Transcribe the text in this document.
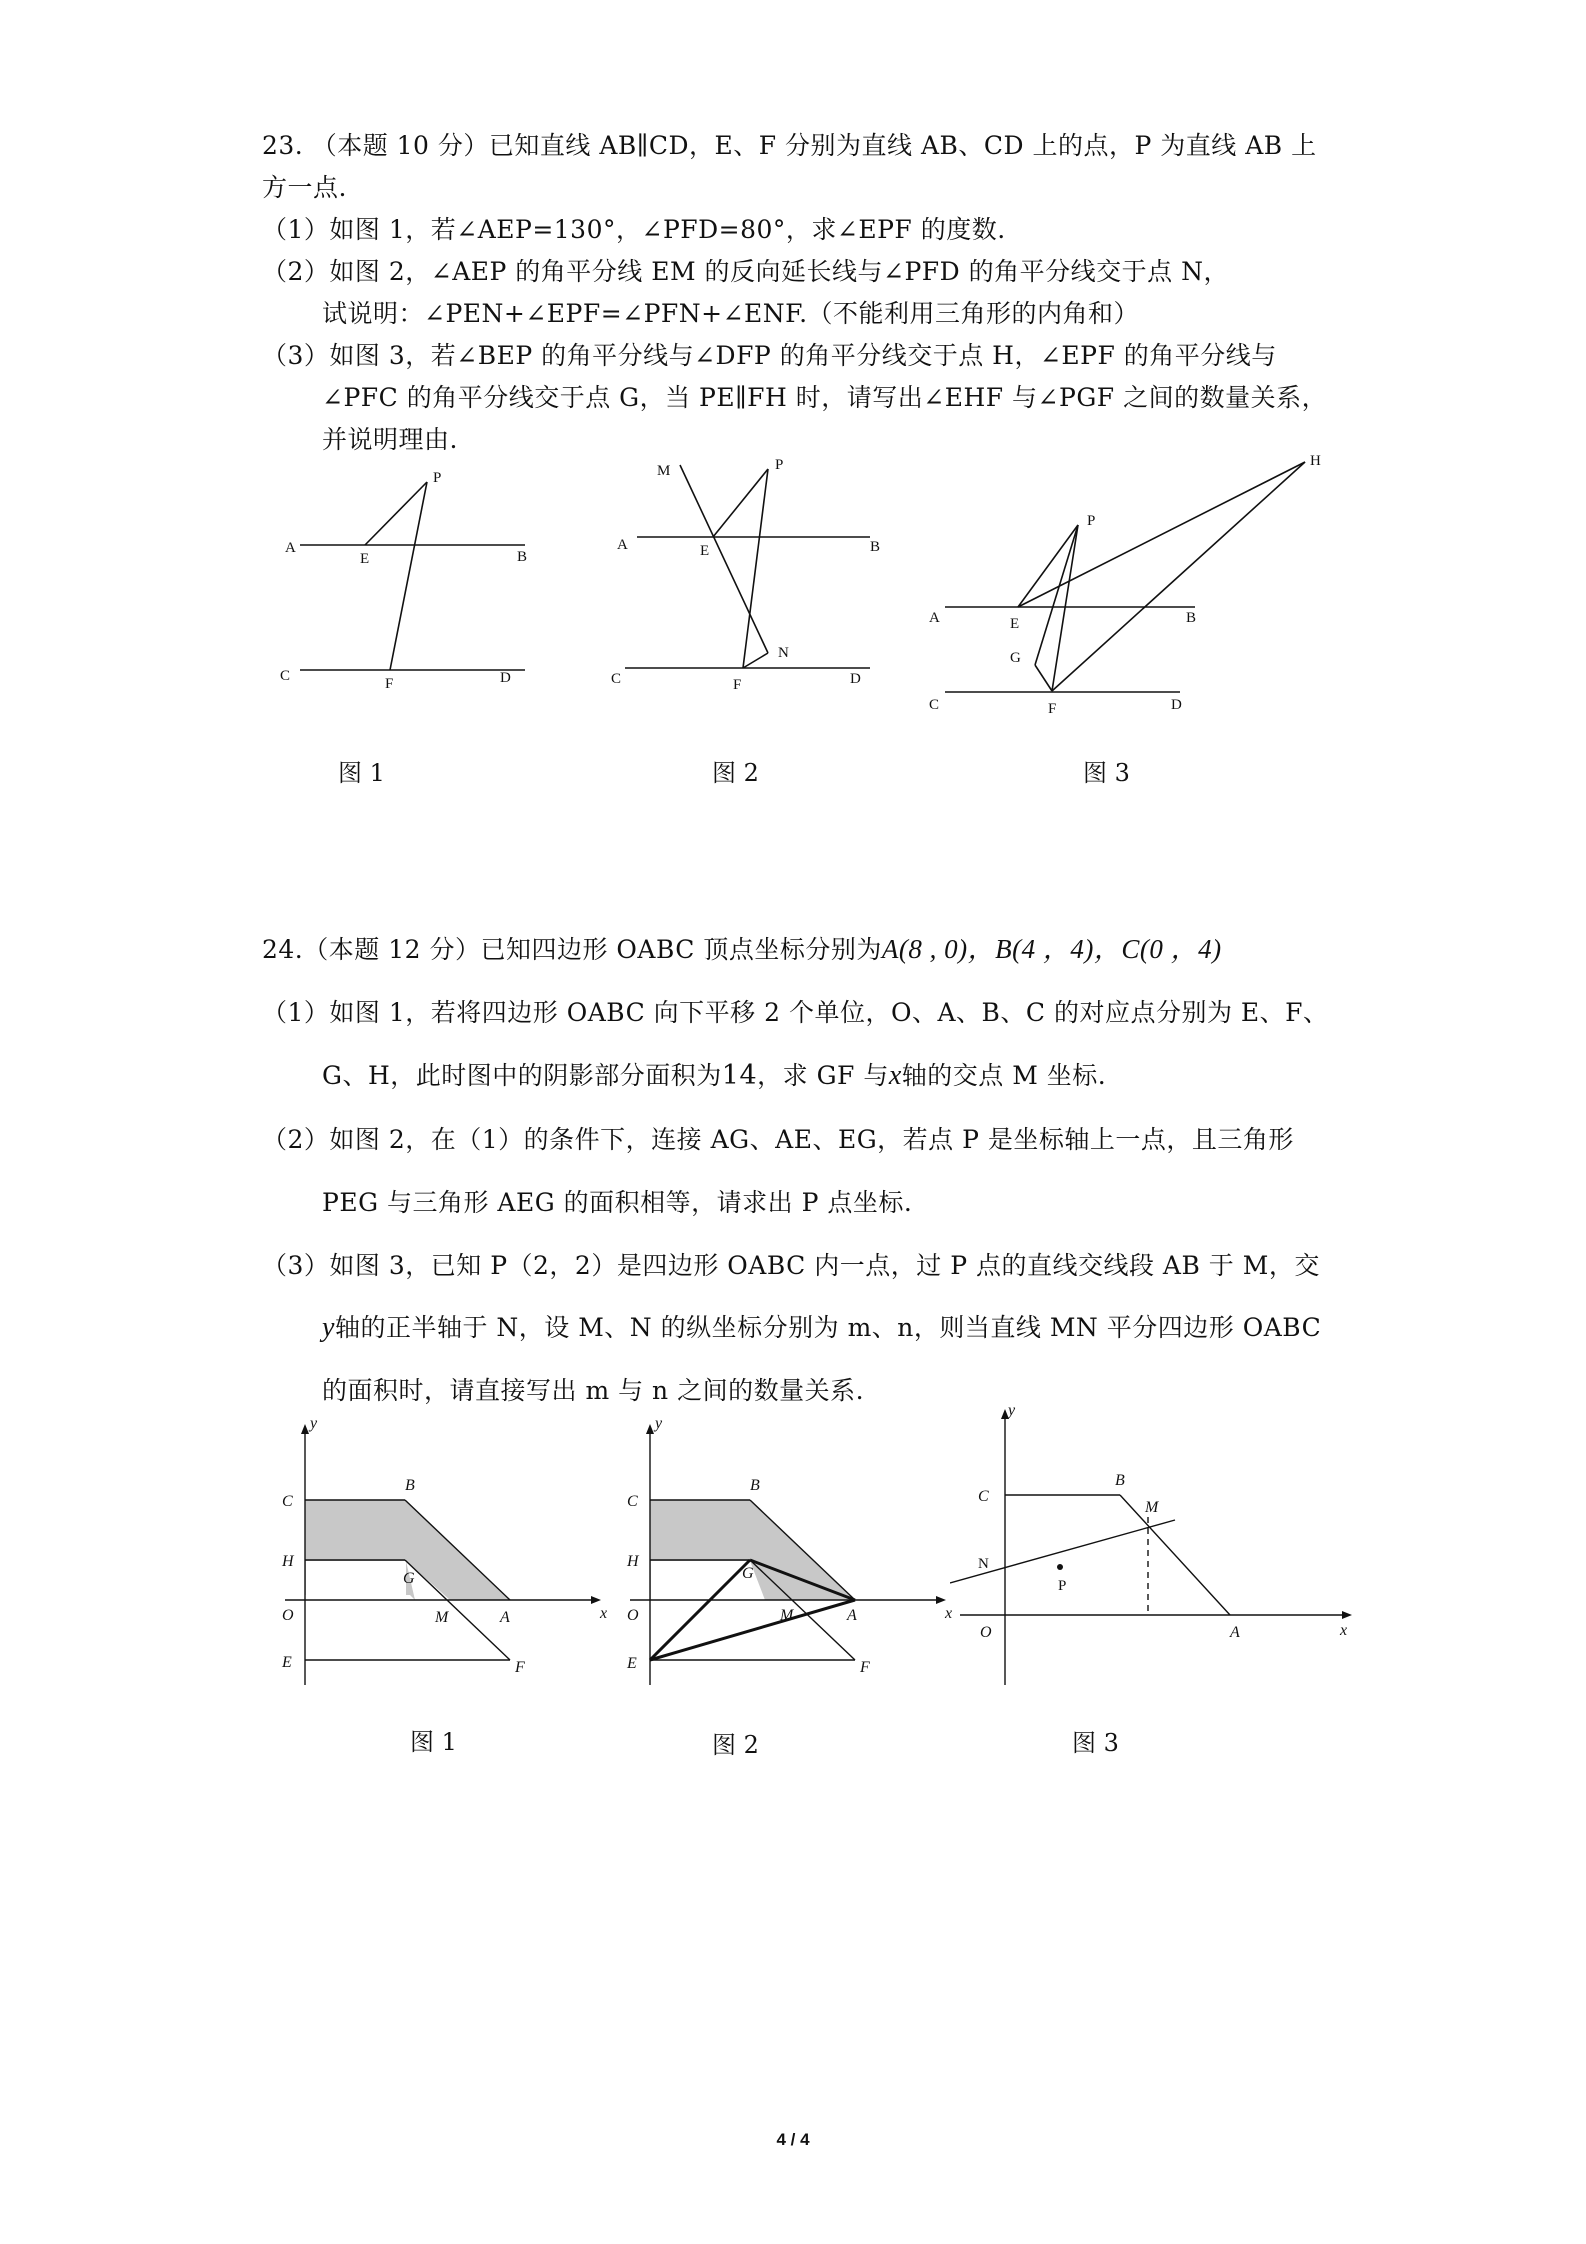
23. （本题 10 分）已知直线 AB∥CD，E、F 分别为直线 AB、CD 上的点，P 为直线 AB 上
方一点.
（1）如图 1，若∠AEP=130°，∠PFD=80°，求∠EPF 的度数.
（2）如图 2，∠AEP 的角平分线 EM 的反向延长线与∠PFD 的角平分线交于点 N，
试说明：∠PEN+∠EPF=∠PFN+∠ENF.（不能利用三角形的内角和）
（3）如图 3，若∠BEP 的角平分线与∠DFP 的角平分线交于点 H，∠EPF 的角平分线与
∠PFC 的角平分线交于点 G，当 PE∥FH 时，请写出∠EHF 与∠PGF 之间的数量关系，
并说明理由.
P
A
E	B
C	F	D
M	P
A	E	B
N
C	F	D
H
P
A	E	B
G
C	F	D
图 1	图 2	图 3
24.（本题 12 分）已知四边形 OABC 顶点坐标分别为A(8 , 0)，B(4 ，4)，C(0 ，4)
（1）如图 1，若将四边形 OABC 向下平移 2 个单位，O、A、B、C 的对应点分别为 E、F、
G、H，此时图中的阴影部分面积为14，求 GF 与x轴的交点 M 坐标.
（2）如图 2，在（1）的条件下，连接 AG、AE、EG，若点 P 是坐标轴上一点，且三角形
PEG 与三角形 AEG 的面积相等，请求出 P 点坐标.
（3）如图 3，已知 P（2，2）是四边形 OABC 内一点，过 P 点的直线交线段 AB 于 M，交
y轴的正半轴于 N，设 M、N 的纵坐标分别为 m、n，则当直线 MN 平分四边形 OABC
的面积时，请直接写出 m 与 n 之间的数量关系.
y
x
C
B
H
G
O	M	A
E	F
y
x
C
B
H
G
O	M	A
E	F
y
x
C
B
M
N
P
O	A
图 1	图 2	图 3
4 / 4
